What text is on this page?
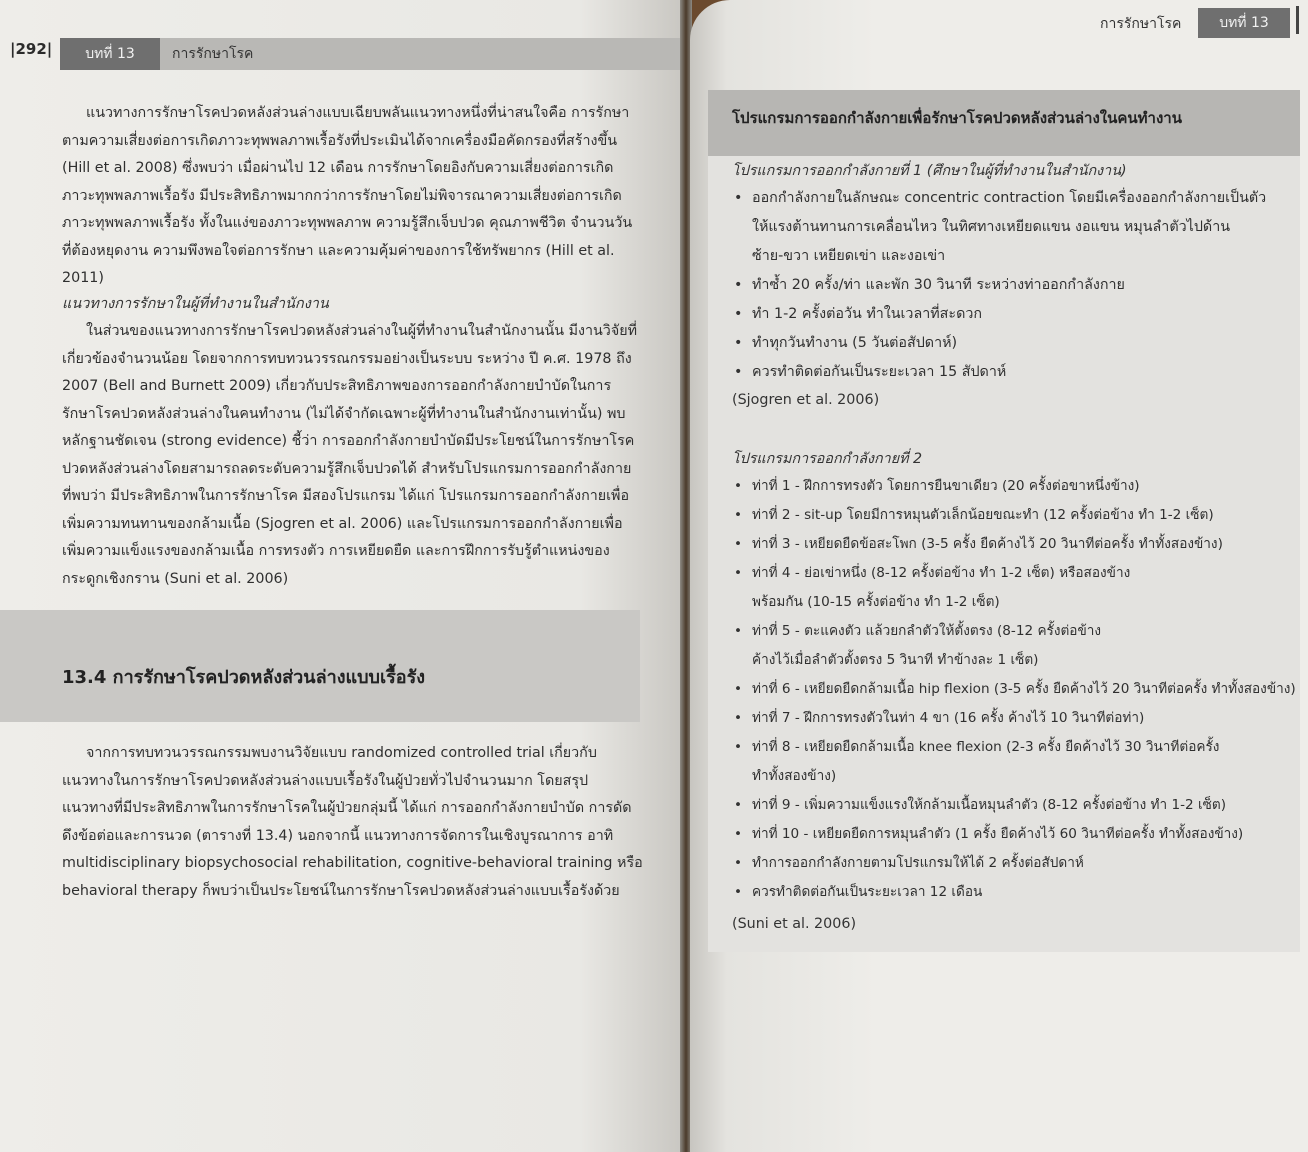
|292|	บทที่ 13	การรักษาโรค

แนวทางการรักษาโรคปวดหลังส่วนล่างแบบเฉียบพลันแนวทางหนึ่งที่น่าสนใจคือ การรักษาตามความเสี่ยงต่อการเกิดภาวะทุพพลภาพเรื้อรังที่ประเมินได้จากเครื่องมือคัดกรองที่สร้างขึ้น (Hill et al. 2008) ซึ่งพบว่า เมื่อผ่านไป 12 เดือน การรักษาโดยอิงกับความเสี่ยงต่อการเกิดภาวะทุพพลภาพเรื้อรัง มีประสิทธิภาพมากกว่าการรักษาโดยไม่พิจารณาความเสี่ยงต่อการเกิดภาวะทุพพลภาพเรื้อรัง ทั้งในแง่ของภาวะทุพพลภาพ ความรู้สึกเจ็บปวด คุณภาพชีวิต จำนวนวันที่ต้องหยุดงาน ความพึงพอใจต่อการรักษา และความคุ้มค่าของการใช้ทรัพยากร (Hill et al. 2011)

แนวทางการรักษาในผู้ที่ทำงานในสำนักงาน

ในส่วนของแนวทางการรักษาโรคปวดหลังส่วนล่างในผู้ที่ทำงานในสำนักงานนั้น มีงานวิจัยที่เกี่ยวข้องจำนวนน้อย โดยจากการทบทวนวรรณกรรมอย่างเป็นระบบ ระหว่าง ปี ค.ศ. 1978 ถึง 2007 (Bell and Burnett 2009) เกี่ยวกับประสิทธิภาพของการออกกำลังกายบำบัดในการรักษาโรคปวดหลังส่วนล่างในคนทำงาน (ไม่ได้จำกัดเฉพาะผู้ที่ทำงานในสำนักงานเท่านั้น) พบหลักฐานชัดเจน (strong evidence) ชี้ว่า การออกกำลังกายบำบัดมีประโยชน์ในการรักษาโรคปวดหลังส่วนล่างโดยสามารถลดระดับความรู้สึกเจ็บปวดได้ สำหรับโปรแกรมการออกกำลังกายที่พบว่า มีประสิทธิภาพในการรักษาโรค มีสองโปรแกรม ได้แก่ โปรแกรมการออกกำลังกายเพื่อเพิ่มความทนทานของกล้ามเนื้อ (Sjogren et al. 2006) และโปรแกรมการออกกำลังกายเพื่อเพิ่มความแข็งแรงของกล้ามเนื้อ การทรงตัว การเหยียดยืด และการฝึกการรับรู้ตำแหน่งของกระดูกเชิงกราน (Suni et al. 2006)

13.4 การรักษาโรคปวดหลังส่วนล่างแบบเรื้อรัง

จากการทบทวนวรรณกรรมพบงานวิจัยแบบ randomized controlled trial เกี่ยวกับแนวทางในการรักษาโรคปวดหลังส่วนล่างแบบเรื้อรังในผู้ป่วยทั่วไปจำนวนมาก โดยสรุป แนวทางที่มีประสิทธิภาพในการรักษาโรคในผู้ป่วยกลุ่มนี้ ได้แก่ การออกกำลังกายบำบัด การดัดดึงข้อต่อและการนวด (ตารางที่ 13.4) นอกจากนี้ แนวทางการจัดการในเชิงบูรณาการ อาทิ multidisciplinary biopsychosocial rehabilitation, cognitive-behavioral training หรือ behavioral therapy ก็พบว่าเป็นประโยชน์ในการรักษาโรคปวดหลังส่วนล่างแบบเรื้อรังด้วย

การรักษาโรค	บทที่ 13
โปรแกรมการออกกำลังกายเพื่อรักษาโรคปวดหลังส่วนล่างในคนทำงาน
โปรแกรมการออกกำลังกายที่ 1 (ศึกษาในผู้ที่ทำงานในสำนักงาน)
• ออกกำลังกายในลักษณะ concentric contraction โดยมีเครื่องออกกำลังกายเป็นตัว
ให้แรงต้านทานการเคลื่อนไหว ในทิศทางเหยียดแขน งอแขน หมุนลำตัวไปด้าน
ซ้าย-ขวา เหยียดเข่า และงอเข่า
• ทำซ้ำ 20 ครั้ง/ท่า และพัก 30 วินาที ระหว่างท่าออกกำลังกาย
• ทำ 1-2 ครั้งต่อวัน ทำในเวลาที่สะดวก
• ทำทุกวันทำงาน (5 วันต่อสัปดาห์)
• ควรทำติดต่อกันเป็นระยะเวลา 15 สัปดาห์
(Sjogren et al. 2006)
โปรแกรมการออกกำลังกายที่ 2
• ท่าที่ 1 - ฝึกการทรงตัว โดยการยืนขาเดียว (20 ครั้งต่อขาหนึ่งข้าง)
• ท่าที่ 2 - sit-up โดยมีการหมุนตัวเล็กน้อยขณะทำ (12 ครั้งต่อข้าง ทำ 1-2 เซ็ต)
• ท่าที่ 3 - เหยียดยืดข้อสะโพก (3-5 ครั้ง ยืดค้างไว้ 20 วินาทีต่อครั้ง ทำทั้งสองข้าง)
• ท่าที่ 4 - ย่อเข่าหนึ่ง (8-12 ครั้งต่อข้าง ทำ 1-2 เซ็ต) หรือสองข้าง
พร้อมกัน (10-15 ครั้งต่อข้าง ทำ 1-2 เซ็ต)
• ท่าที่ 5 - ตะแคงตัว แล้วยกลำตัวให้ตั้งตรง (8-12 ครั้งต่อข้าง
ค้างไว้เมื่อลำตัวตั้งตรง 5 วินาที ทำข้างละ 1 เซ็ต)
• ท่าที่ 6 - เหยียดยืดกล้ามเนื้อ hip flexion (3-5 ครั้ง ยืดค้างไว้ 20 วินาทีต่อครั้ง ทำทั้งสองข้าง)
• ท่าที่ 7 - ฝึกการทรงตัวในท่า 4 ขา (16 ครั้ง ค้างไว้ 10 วินาทีต่อท่า)
• ท่าที่ 8 - เหยียดยืดกล้ามเนื้อ knee flexion (2-3 ครั้ง ยืดค้างไว้ 30 วินาทีต่อครั้ง
ทำทั้งสองข้าง)
• ท่าที่ 9 - เพิ่มความแข็งแรงให้กล้ามเนื้อหมุนลำตัว (8-12 ครั้งต่อข้าง ทำ 1-2 เซ็ต)
• ท่าที่ 10 - เหยียดยืดการหมุนลำตัว (1 ครั้ง ยืดค้างไว้ 60 วินาทีต่อครั้ง ทำทั้งสองข้าง)
• ทำการออกกำลังกายตามโปรแกรมให้ได้ 2 ครั้งต่อสัปดาห์
• ควรทำติดต่อกันเป็นระยะเวลา 12 เดือน
(Suni et al. 2006)
